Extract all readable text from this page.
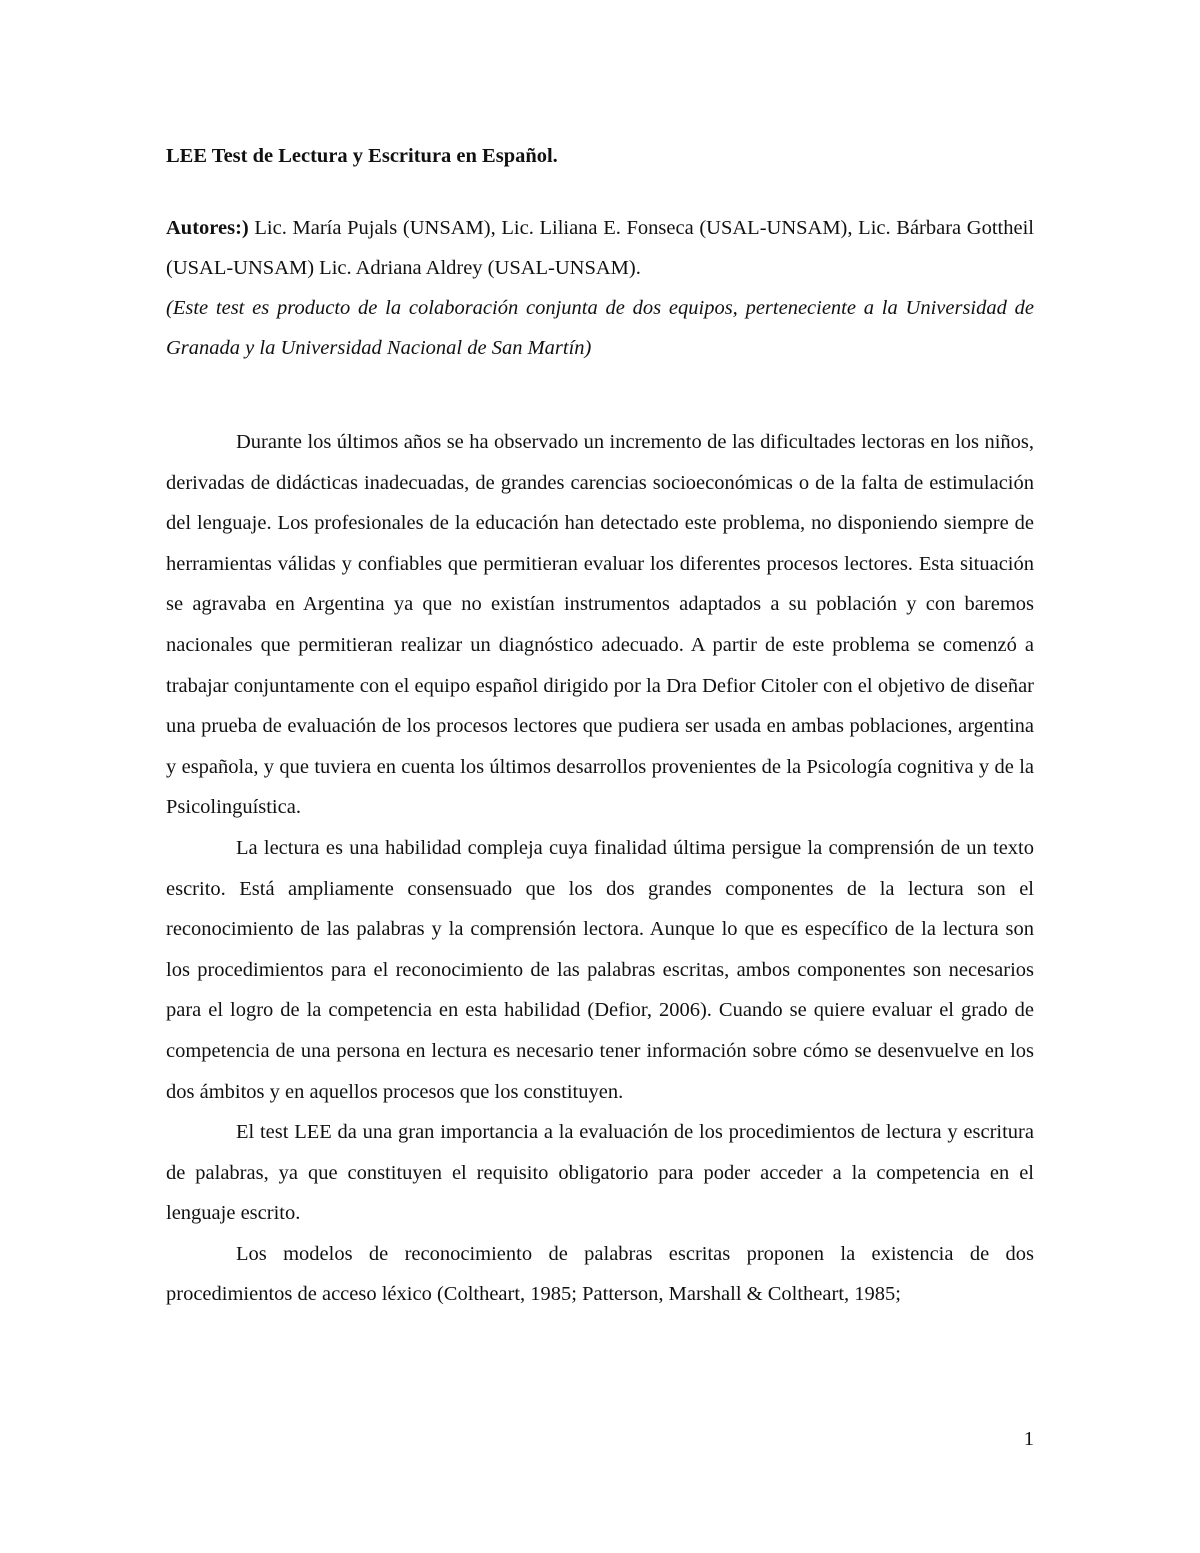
LEE Test de Lectura y Escritura en Español.

Autores:) Lic. María Pujals (UNSAM), Lic. Liliana E. Fonseca (USAL-UNSAM), Lic. Bárbara Gottheil (USAL-UNSAM) Lic. Adriana Aldrey (USAL-UNSAM).

(Este test es producto de la colaboración conjunta de dos equipos, perteneciente a la Universidad de Granada y la Universidad Nacional de San Martín)

Durante los últimos años se ha observado un incremento de las dificultades lectoras en los niños, derivadas de didácticas inadecuadas, de grandes carencias socioeconómicas o de la falta de estimulación del lenguaje. Los profesionales de la educación han detectado este problema, no disponiendo siempre de herramientas válidas y confiables que permitieran evaluar los diferentes procesos lectores. Esta situación se agravaba en Argentina ya que no existían instrumentos adaptados a su población y con baremos nacionales que permitieran realizar un diagnóstico adecuado. A partir de este problema se comenzó a trabajar conjuntamente con el equipo español dirigido por la Dra Defior Citoler con el objetivo de diseñar una prueba de evaluación de los procesos lectores que pudiera ser usada en ambas poblaciones, argentina y española, y que tuviera en cuenta los últimos desarrollos provenientes de la Psicología cognitiva y de la Psicolinguística.

La lectura es una habilidad compleja cuya finalidad última persigue la comprensión de un texto escrito. Está ampliamente consensuado que los dos grandes componentes de la lectura son el reconocimiento de las palabras y la comprensión lectora. Aunque lo que es específico de la lectura son los procedimientos para el reconocimiento de las palabras escritas, ambos componentes son necesarios para el logro de la competencia en esta habilidad (Defior, 2006). Cuando se quiere evaluar el grado de competencia de una persona en lectura es necesario tener información sobre cómo se desenvuelve en los dos ámbitos y en aquellos procesos que los constituyen.

El test LEE da una gran importancia a la evaluación de los procedimientos de lectura y escritura de palabras, ya que constituyen el requisito obligatorio para poder acceder a la competencia en el lenguaje escrito.

Los modelos de reconocimiento de palabras escritas proponen la existencia de dos procedimientos de acceso léxico (Coltheart, 1985; Patterson, Marshall & Coltheart, 1985;

1
